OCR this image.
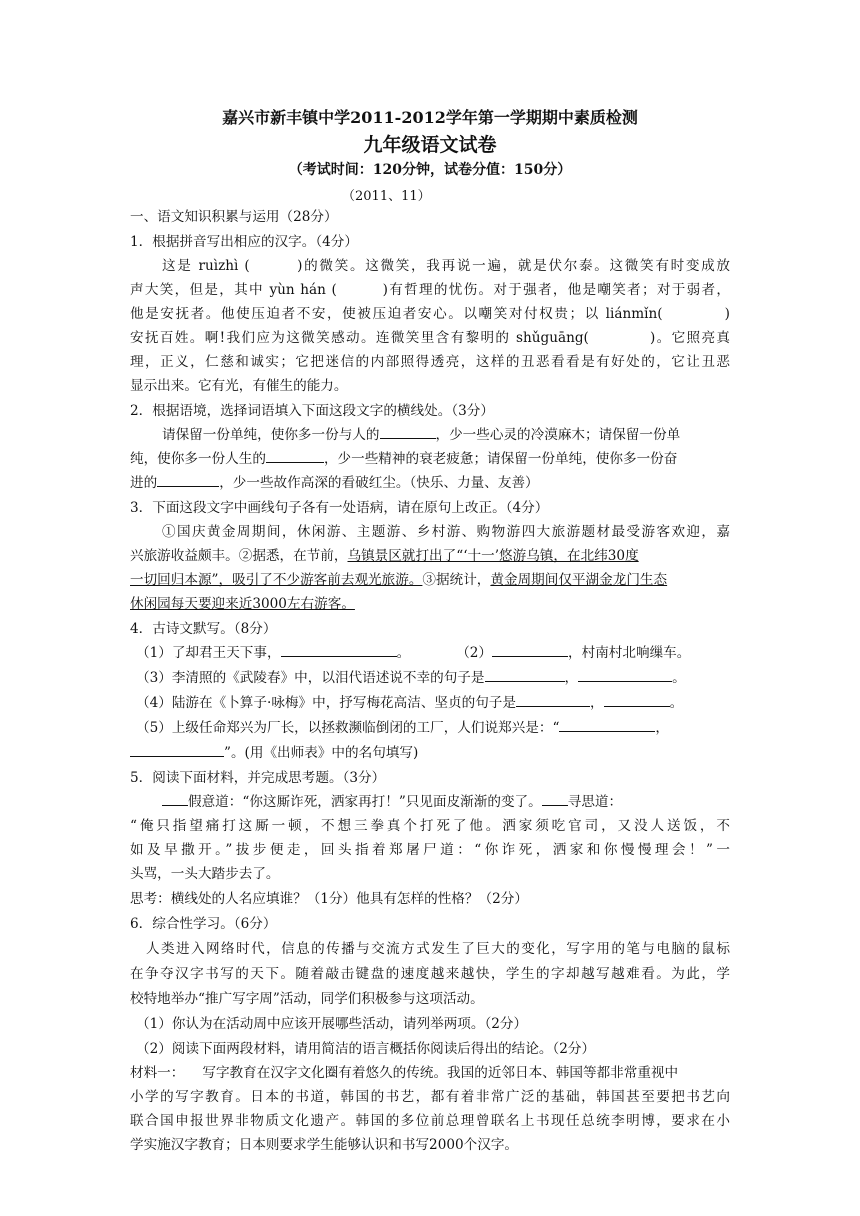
嘉兴市新丰镇中学2011-2012学年第一学期期中素质检测
九年级语文试卷
（考试时间：120分钟，试卷分值：150分）
（2011、11）
一、语文知识积累与运用（28分）
1．根据拼音写出相应的汉字。（4分）
这是 ruìzhì (　　　)的微笑。这微笑，我再说一遍，就是伏尔泰。这微笑有时变成放
声大笑，但是，其中 yùn hán (　　　)有哲理的忧伤。对于强者，他是嘲笑者；对于弱者，
他是安抚者。他使压迫者不安，使被压迫者安心。以嘲笑对付权贵；以 liánmǐn(　　　　)
安抚百姓。啊!我们应为这微笑感动。连微笑里含有黎明的 shǔguāng(　　　　)。它照亮真
理，正义，仁慈和诚实；它把迷信的内部照得透亮，这样的丑恶看看是有好处的，它让丑恶
显示出来。它有光，有催生的能力。
2．根据语境，选择词语填入下面这段文字的横线处。（3分）
请保留一份单纯，使你多一份与人的	，少一些心灵的冷漠麻木；请保留一份单
纯，使你多一份人生的	，少一些精神的衰老疲惫；请保留一份单纯，使你多一份奋
进的	，少一些故作高深的看破红尘。（快乐、力量、友善）
3．下面这段文字中画线句子各有一处语病，请在原句上改正。（4分）
①国庆黄金周期间，休闲游、主题游、乡村游、购物游四大旅游题材最受游客欢迎，嘉
兴旅游收益颇丰。②据悉，在节前，乌镇景区就打出了“‘十一’悠游乌镇，在北纬30度
一切回归本源”，吸引了不少游客前去观光旅游。③据统计，黄金周期间仅平湖金龙门生态
休闲园每天要迎来近3000左右游客。
4．古诗文默写。（8分）
（1）了却君王天下事，	。	（2）	，村南村北响缫车。
（3）李清照的《武陵春》中，以泪代语述说不幸的句子是	，	。
（4）陆游在《卜算子·咏梅》中，抒写梅花高洁、坚贞的句子是	，	。
（5）上级任命郑兴为厂长，以拯救濒临倒闭的工厂，人们说郑兴是：“	，
”。(用《出师表》中的名句填写)
5．阅读下面材料，并完成思考题。（3分）
假意道：“你这厮诈死，洒家再打！”只见面皮渐渐的变了。 寻思道：
“俺只指望痛打这厮一顿，不想三拳真个打死了他。洒家须吃官司，又没人送饭，不
如及早撒开。”拔步便走，回头指着郑屠尸道：“你诈死，洒家和你慢慢理会！”一
头骂，一头大踏步去了。
思考：横线处的人名应填谁？（1分）他具有怎样的性格？（2分）
6．综合性学习。（6分）
人类进入网络时代，信息的传播与交流方式发生了巨大的变化，写字用的笔与电脑的鼠标
在争夺汉字书写的天下。随着敲击键盘的速度越来越快，学生的字却越写越难看。为此，学
校特地举办“推广写字周”活动，同学们积极参与这项活动。
（1）你认为在活动周中应该开展哪些活动，请列举两项。（2分）
（2）阅读下面两段材料，请用简洁的语言概括你阅读后得出的结论。（2分）
材料一： 写字教育在汉字文化圈有着悠久的传统。我国的近邻日本、韩国等都非常重视中
小学的写字教育。日本的书道，韩国的书艺，都有着非常广泛的基础，韩国甚至要把书艺向
联合国申报世界非物质文化遗产。韩国的多位前总理曾联名上书现任总统李明博，要求在小
学实施汉字教育；日本则要求学生能够认识和书写2000个汉字。
